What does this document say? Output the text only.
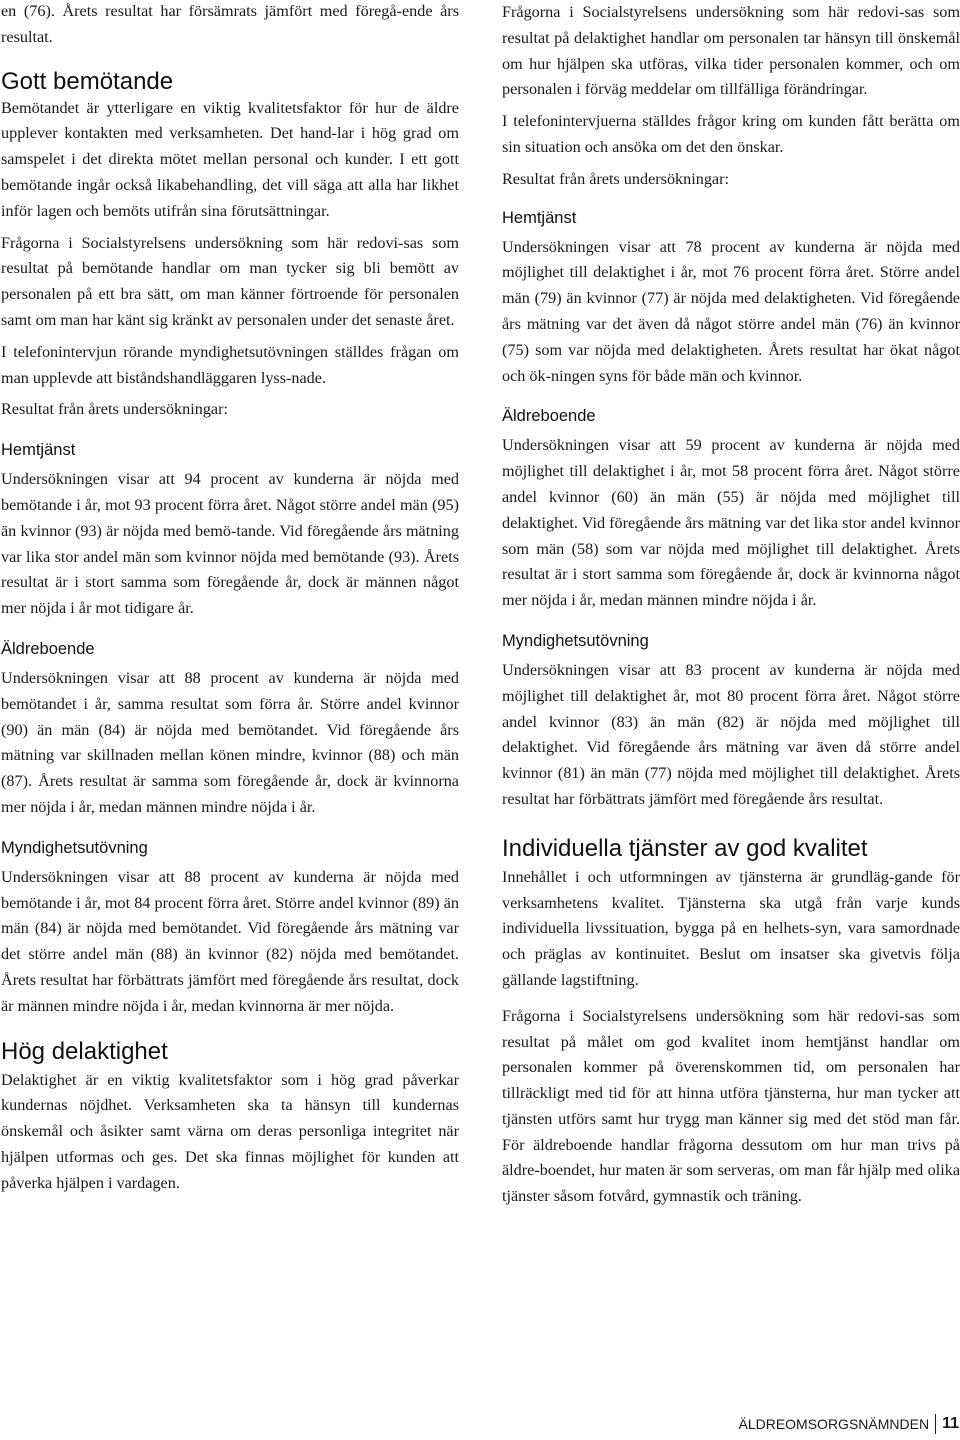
en (76). Årets resultat har försämrats jämfört med föregå-ende års resultat.

Gott bemötande

Bemötandet är ytterligare en viktig kvalitetsfaktor för hur de äldre upplever kontakten med verksamheten. Det hand-lar i hög grad om samspelet i det direkta mötet mellan personal och kunder. I ett gott bemötande ingår också likabehandling, det vill säga att alla har likhet inför lagen och bemöts utifrån sina förutsättningar.

Frågorna i Socialstyrelsens undersökning som här redovi-sas som resultat på bemötande handlar om man tycker sig bli bemött av personalen på ett bra sätt, om man känner förtroende för personalen samt om man har känt sig kränkt av personalen under det senaste året.

I telefonintervjun rörande myndighetsutövningen ställdes frågan om man upplevde att biståndshandläggaren lyss-nade.

Resultat från årets undersökningar:

Hemtjänst

Undersökningen visar att 94 procent av kunderna är nöjda med bemötande i år, mot 93 procent förra året. Något större andel män (95) än kvinnor (93) är nöjda med bemö-tande. Vid föregående års mätning var lika stor andel män som kvinnor nöjda med bemötande (93). Årets resultat är i stort samma som föregående år, dock är männen något mer nöjda i år mot tidigare år.

Äldreboende

Undersökningen visar att 88 procent av kunderna är nöjda med bemötandet i år, samma resultat som förra år. Större andel kvinnor (90) än män (84) är nöjda med bemötandet. Vid föregående års mätning var skillnaden mellan könen mindre, kvinnor (88) och män (87). Årets resultat är samma som föregående år, dock är kvinnorna mer nöjda i år, medan männen mindre nöjda i år.

Myndighetsutövning

Undersökningen visar att 88 procent av kunderna är nöjda med bemötande i år, mot 84 procent förra året. Större andel kvinnor (89) än män (84) är nöjda med bemötandet. Vid föregående års mätning var det större andel män (88) än kvinnor (82) nöjda med bemötandet. Årets resultat har förbättrats jämfört med föregående års resultat, dock är männen mindre nöjda i år, medan kvinnorna är mer nöjda.

Hög delaktighet

Delaktighet är en viktig kvalitetsfaktor som i hög grad påverkar kundernas nöjdhet. Verksamheten ska ta hänsyn till kundernas önskemål och åsikter samt värna om deras personliga integritet när hjälpen utformas och ges. Det ska finnas möjlighet för kunden att påverka hjälpen i vardagen.

Frågorna i Socialstyrelsens undersökning som här redovi-sas som resultat på delaktighet handlar om personalen tar hänsyn till önskemål om hur hjälpen ska utföras, vilka tider personalen kommer, och om personalen i förväg meddelar om tillfälliga förändringar.

I telefonintervjuerna ställdes frågor kring om kunden fått berätta om sin situation och ansöka om det den önskar.

Resultat från årets undersökningar:

Hemtjänst

Undersökningen visar att 78 procent av kunderna är nöjda med möjlighet till delaktighet i år, mot 76 procent förra året. Större andel män (79) än kvinnor (77) är nöjda med delaktigheten. Vid föregående års mätning var det även då något större andel män (76) än kvinnor (75) som var nöjda med delaktigheten. Årets resultat har ökat något och ök-ningen syns för både män och kvinnor.

Äldreboende

Undersökningen visar att 59 procent av kunderna är nöjda med möjlighet till delaktighet i år, mot 58 procent förra året. Något större andel kvinnor (60) än män (55) är nöjda med möjlighet till delaktighet. Vid föregående års mätning var det lika stor andel kvinnor som män (58) som var nöjda med möjlighet till delaktighet. Årets resultat är i stort samma som föregående år, dock är kvinnorna något mer nöjda i år, medan männen mindre nöjda i år.

Myndighetsutövning

Undersökningen visar att 83 procent av kunderna är nöjda med möjlighet till delaktighet år, mot 80 procent förra året. Något större andel kvinnor (83) än män (82) är nöjda med möjlighet till delaktighet. Vid föregående års mätning var även då större andel kvinnor (81) än män (77) nöjda med möjlighet till delaktighet. Årets resultat har förbättrats jämfört med föregående års resultat.

Individuella tjänster av god kvalitet

Innehållet i och utformningen av tjänsterna är grundläg-gande för verksamhetens kvalitet. Tjänsterna ska utgå från varje kunds individuella livssituation, bygga på en helhets-syn, vara samordnade och präglas av kontinuitet. Beslut om insatser ska givetvis följa gällande lagstiftning.

Frågorna i Socialstyrelsens undersökning som här redovi-sas som resultat på målet om god kvalitet inom hemtjänst handlar om personalen kommer på överenskommen tid, om personalen har tillräckligt med tid för att hinna utföra tjänsterna, hur man tycker att tjänsten utförs samt hur trygg man känner sig med det stöd man får. För äldreboende handlar frågorna dessutom om hur man trivs på äldre-boendet, hur maten är som serveras, om man får hjälp med olika tjänster såsom fotvård, gymnastik och träning.

ÄLDREOMSORGSNÄMNDEN 11
